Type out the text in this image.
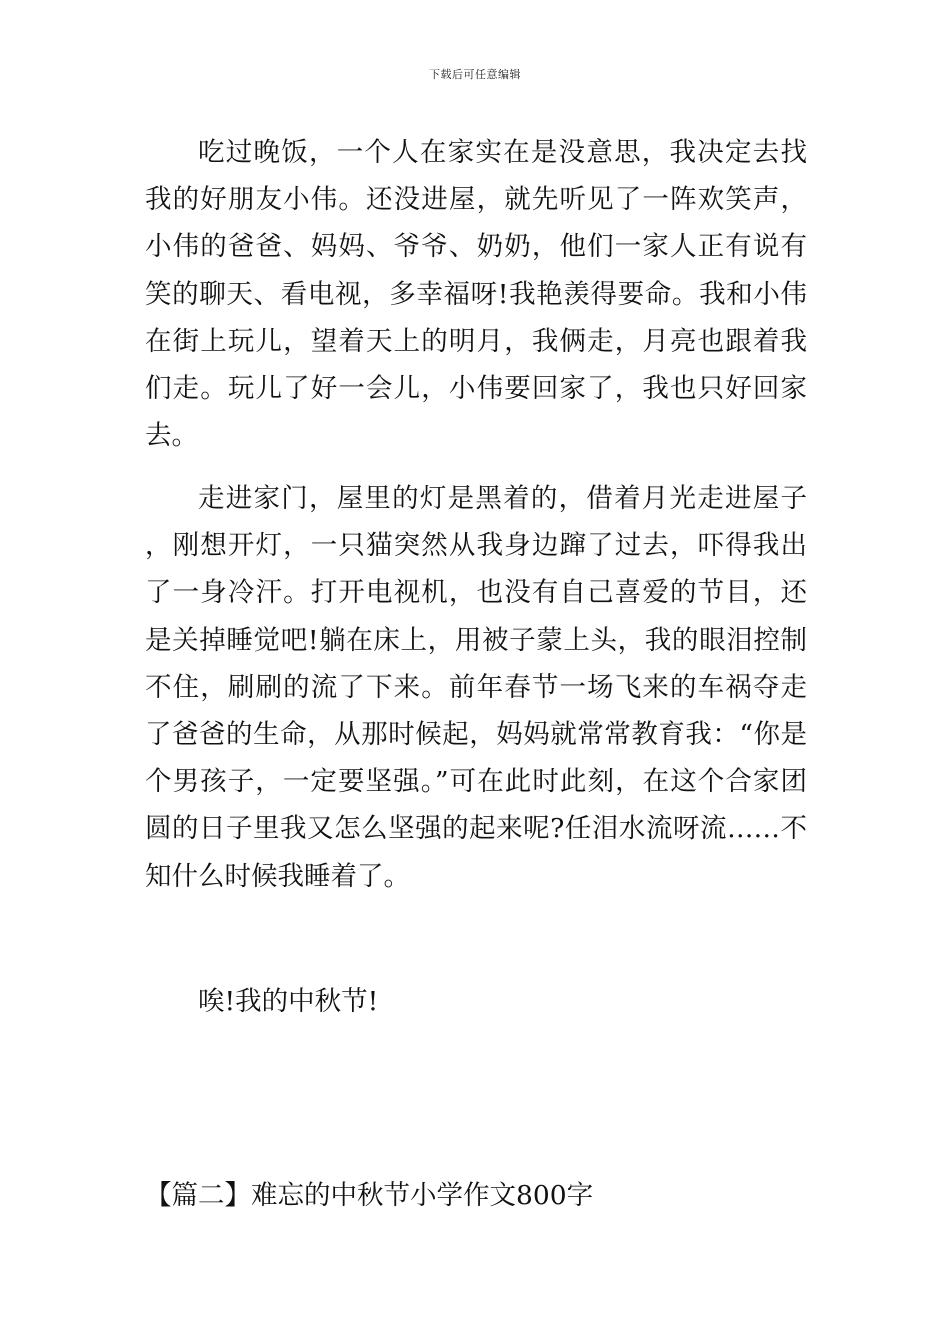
下载后可任意编辑

吃过晚饭，一个人在家实在是没意思，我决定去找我的好朋友小伟。还没进屋，就先听见了一阵欢笑声，小伟的爸爸、妈妈、爷爷、奶奶，他们一家人正有说有笑的聊天、看电视，多幸福呀!我艳羡得要命。我和小伟在街上玩儿，望着天上的明月，我俩走，月亮也跟着我们走。玩儿了好一会儿，小伟要回家了，我也只好回家去。

走进家门，屋里的灯是黑着的，借着月光走进屋子，刚想开灯，一只猫突然从我身边蹿了过去，吓得我出了一身冷汗。打开电视机，也没有自己喜爱的节目，还是关掉睡觉吧!躺在床上，用被子蒙上头，我的眼泪控制不住，刷刷的流了下来。前年春节一场飞来的车祸夺走了爸爸的生命，从那时候起，妈妈就常常教育我：“你是个男孩子，一定要坚强。”可在此时此刻，在这个合家团圆的日子里我又怎么坚强的起来呢?任泪水流呀流……不知什么时候我睡着了。

唉!我的中秋节!

【篇二】难忘的中秋节小学作文800字
